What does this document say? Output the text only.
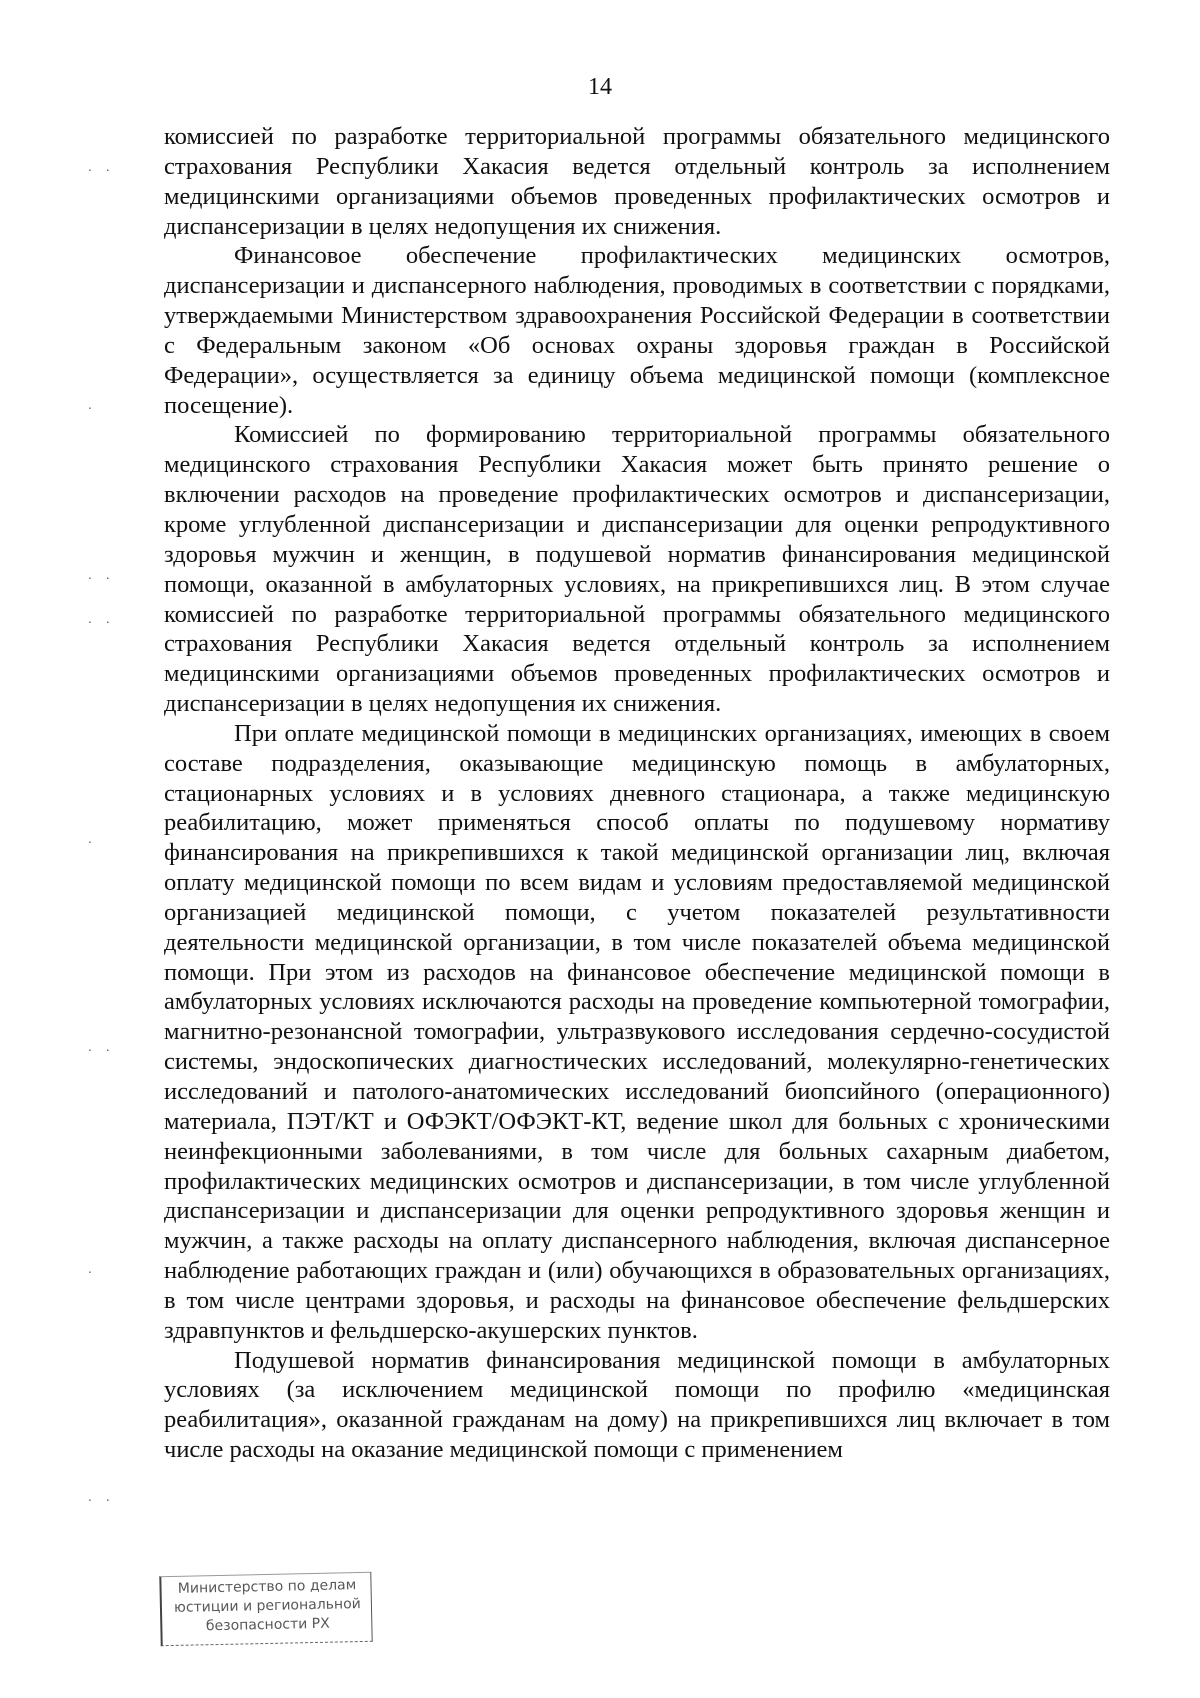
14

комиссией по разработке территориальной программы обязательного медицинского страхования Республики Хакасия ведется отдельный контроль за исполнением медицинскими организациями объемов проведенных профилактических осмотров и диспансеризации в целях недопущения их снижения.

Финансовое обеспечение профилактических медицинских осмотров, диспансеризации и диспансерного наблюдения, проводимых в соответствии с порядками, утверждаемыми Министерством здравоохранения Российской Федерации в соответствии с Федеральным законом «Об основах охраны здоровья граждан в Российской Федерации», осуществляется за единицу объема медицинской помощи (комплексное посещение).

Комиссией по формированию территориальной программы обязательного медицинского страхования Республики Хакасия может быть принято решение о включении расходов на проведение профилактических осмотров и диспансеризации, кроме углубленной диспансеризации и диспансеризации для оценки репродуктивного здоровья мужчин и женщин, в подушевой норматив финансирования медицинской помощи, оказанной в амбулаторных условиях, на прикрепившихся лиц. В этом случае комиссией по разработке территориальной программы обязательного медицинского страхования Республики Хакасия ведется отдельный контроль за исполнением медицинскими организациями объемов проведенных профилактических осмотров и диспансеризации в целях недопущения их снижения.

При оплате медицинской помощи в медицинских организациях, имеющих в своем составе подразделения, оказывающие медицинскую помощь в амбулаторных, стационарных условиях и в условиях дневного стационара, а также медицинскую реабилитацию, может применяться способ оплаты по подушевому нормативу финансирования на прикрепившихся к такой медицинской организации лиц, включая оплату медицинской помощи по всем видам и условиям предоставляемой медицинской организацией медицинской помощи, с учетом показателей результативности деятельности медицинской организации, в том числе показателей объема медицинской помощи. При этом из расходов на финансовое обеспечение медицинской помощи в амбулаторных условиях исключаются расходы на проведение компьютерной томографии, магнитно-резонансной томографии, ультразвукового исследования сердечно-сосудистой системы, эндоскопических диагностических исследований, молекулярно-генетических исследований и патолого-анатомических исследований биопсийного (операционного) материала, ПЭТ/КТ и ОФЭКТ/ОФЭКТ-КТ, ведение школ для больных с хроническими неинфекционными заболеваниями, в том числе для больных сахарным диабетом, профилактических медицинских осмотров и диспансеризации, в том числе углубленной диспансеризации и диспансеризации для оценки репродуктивного здоровья женщин и мужчин, а также расходы на оплату диспансерного наблюдения, включая диспансерное наблюдение работающих граждан и (или) обучающихся в образовательных организациях, в том числе центрами здоровья, и расходы на финансовое обеспечение фельдшерских здравпунктов и фельдшерско-акушерских пунктов.

Подушевой норматив финансирования медицинской помощи в амбулаторных условиях (за исключением медицинской помощи по профилю «медицинская реабилитация», оказанной гражданам на дому) на прикрепившихся лиц включает в том числе расходы на оказание медицинской помощи с применением

..
.
..
..
.
..
.
..
Министерство по делам
юстиции и региональной
безопасности РХ
